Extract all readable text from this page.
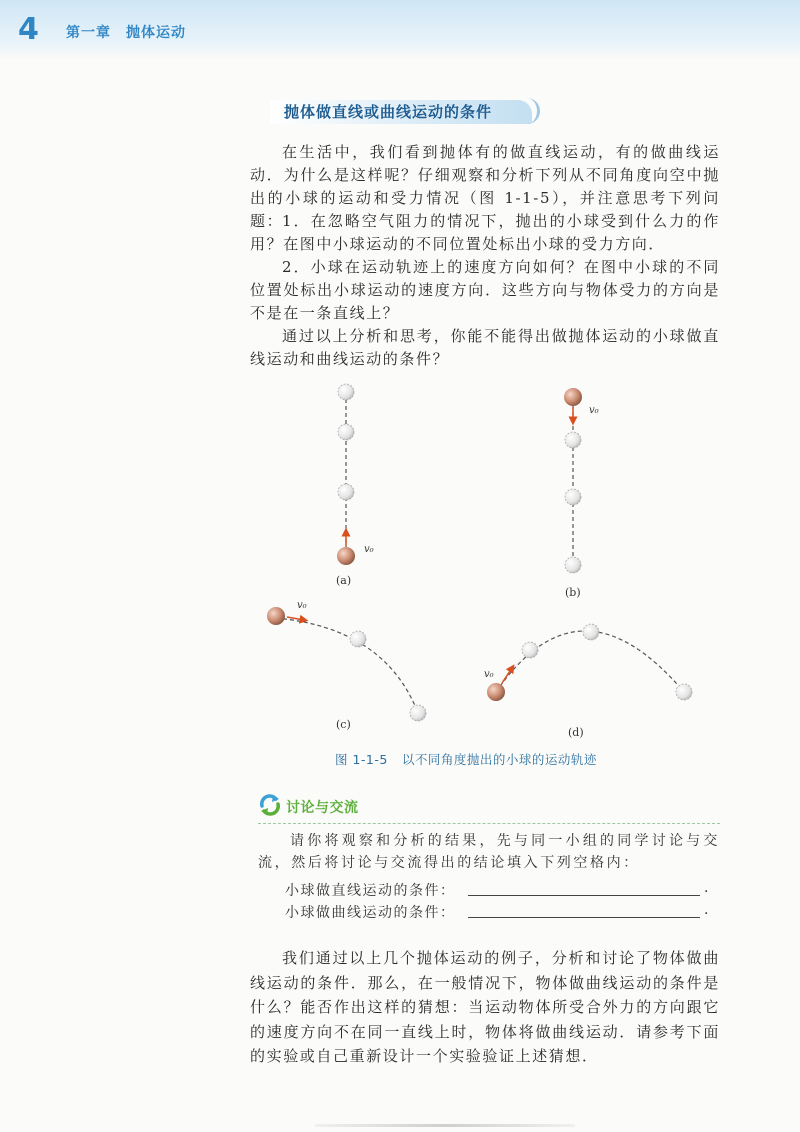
4 第一章　抛体运动
抛体做直线或曲线运动的条件

在生活中，我们看到抛体有的做直线运动，有的做曲线运动．为什么是这样呢？仔细观察和分析下列从不同角度向空中抛出的小球的运动和受力情况（图 1-1-5），并注意思考下列问题：

1．在忽略空气阻力的情况下，抛出的小球受到什么力的作用？在图中小球运动的不同位置处标出小球的受力方向．

2．小球在运动轨迹上的速度方向如何？在图中小球的不同位置处标出小球运动的速度方向．这些方向与物体受力的方向是不是在一条直线上？

通过以上分析和思考，你能不能得出做抛体运动的小球做直线运动和曲线运动的条件？

v₀
(a)
v₀
(b)
v₀
(c)
v₀
(d)
图 1-1-5 以不同角度抛出的小球的运动轨迹
讨论与交流

请你将观察和分析的结果，先与同一小组的同学讨论与交流，然后将讨论与交流得出的结论填入下列空格内：

小球做直线运动的条件：	.
小球做曲线运动的条件：	.

我们通过以上几个抛体运动的例子，分析和讨论了物体做曲线运动的条件．那么，在一般情况下，物体做曲线运动的条件是什么？能否作出这样的猜想：当运动物体所受合外力的方向跟它的速度方向不在同一直线上时，物体将做曲线运动．请参考下面的实验或自己重新设计一个实验验证上述猜想．
